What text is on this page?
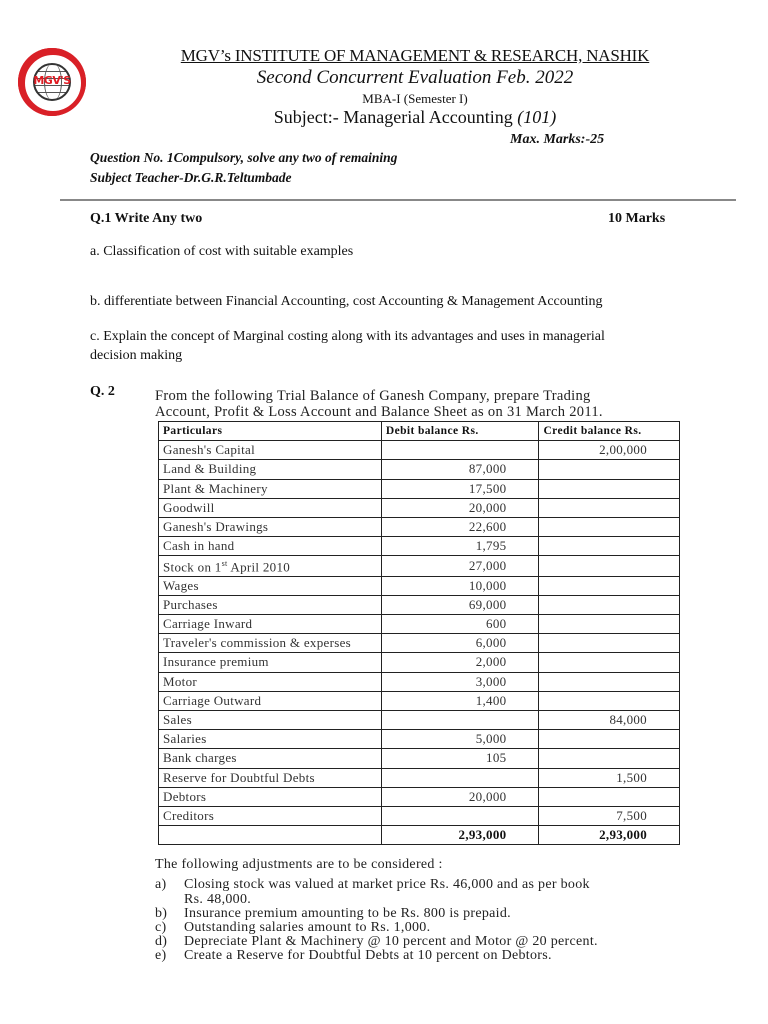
MGV'S
MGV’s INSTITUTE OF MANAGEMENT & RESEARCH, NASHIK
Second Concurrent Evaluation Feb. 2022
MBA-I (Semester I)
Subject:- Managerial Accounting (101)
Max. Marks:-25
Question No. 1Compulsory, solve any two of remaining
Subject Teacher-Dr.G.R.Teltumbade
Q.1 Write Any two	10 Marks
a. Classification of cost with suitable examples
b. differentiate between Financial Accounting, cost Accounting & Management Accounting
c. Explain the concept of Marginal costing along with its advantages and uses in managerial
decision making
Q. 2	From the following Trial Balance of Ganesh Company, prepare Trading
Account, Profit & Loss Account and Balance Sheet as on 31 March 2011.
Particulars	Debit balance Rs.	Credit balance Rs.
Ganesh's Capital		2,00,000
Land & Building	87,000	
Plant & Machinery	17,500	
Goodwill	20,000	
Ganesh's Drawings	22,600	
Cash in hand	1,795	
Stock on 1st April 2010	27,000	
Wages	10,000	
Purchases	69,000	
Carriage Inward	600	
Traveler's commission & experses	6,000	
Insurance premium	2,000	
Motor	3,000	
Carriage Outward	1,400	
Sales		84,000
Salaries	5,000	
Bank charges	105	
Reserve for Doubtful Debts		1,500
Debtors	20,000	
Creditors		7,500
	2,93,000	2,93,000
The following adjustments are to be considered :
a) Closing stock was valued at market price Rs. 46,000 and as per book
Rs. 48,000.
b) Insurance premium amounting to be Rs. 800 is prepaid.
c) Outstanding salaries amount to Rs. 1,000.
d) Depreciate Plant & Machinery @ 10 percent and Motor @ 20 percent.
e) Create a Reserve for Doubtful Debts at 10 percent on Debtors.
